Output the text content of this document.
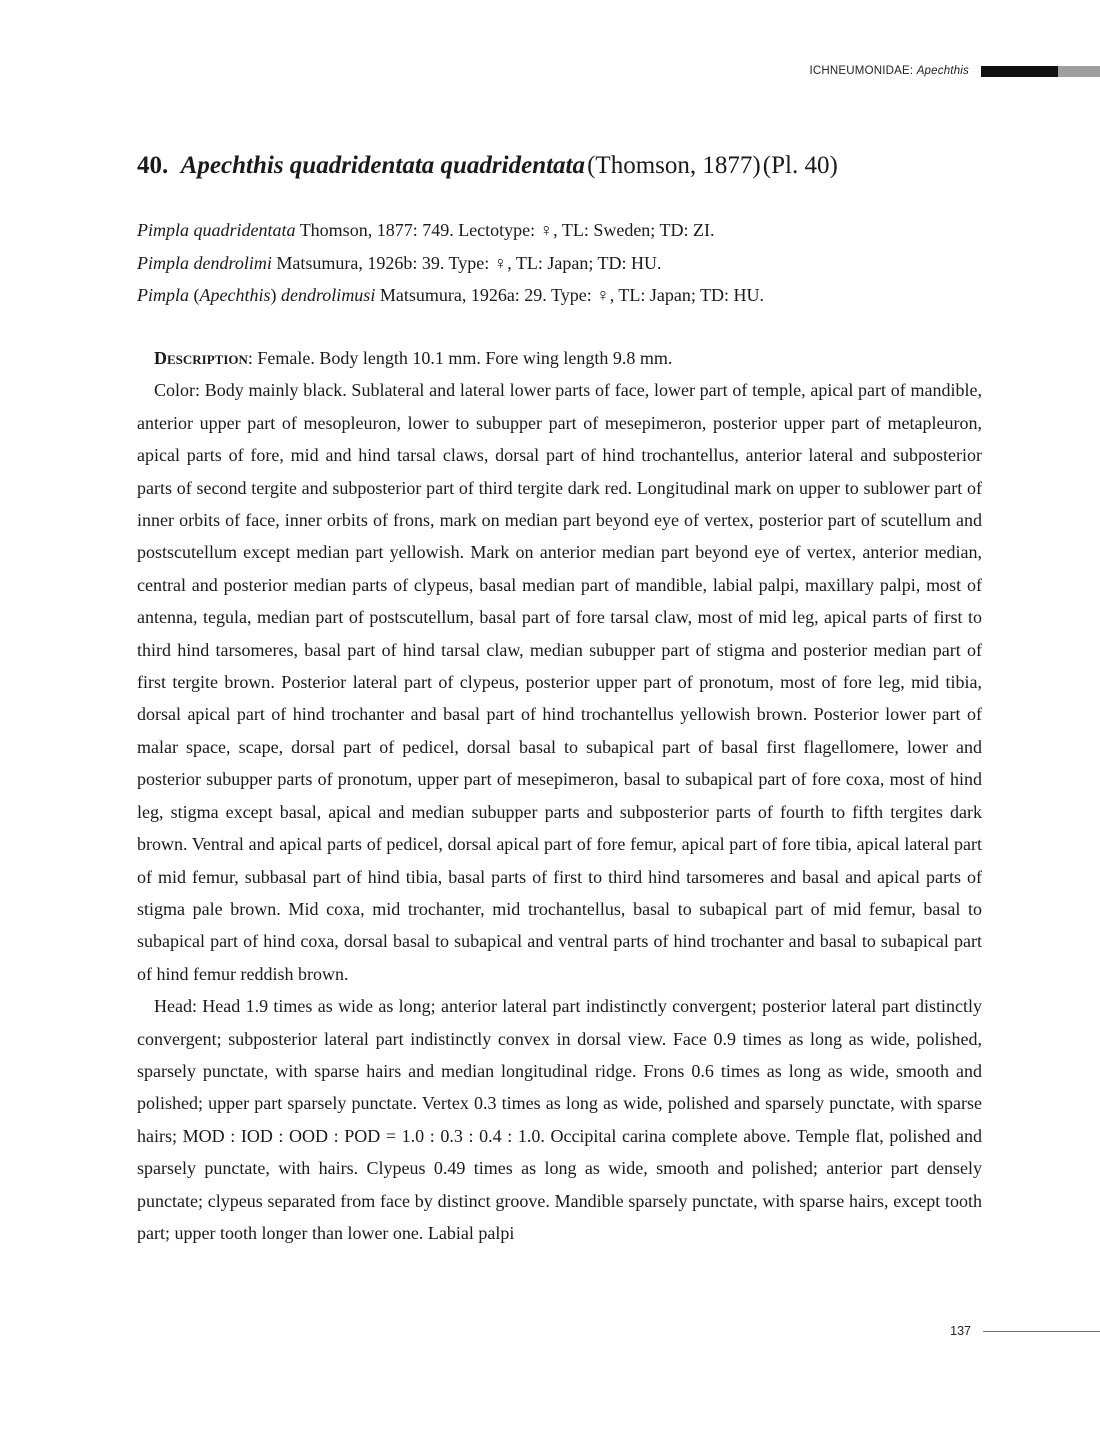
ICHNEUMONIDAE: Apechthis
40. Apechthis quadridentata quadridentata (Thomson, 1877) (Pl. 40)
Pimpla quadridentata Thomson, 1877: 749. Lectotype: ♀, TL: Sweden; TD: ZI.
Pimpla dendrolimi Matsumura, 1926b: 39. Type: ♀, TL: Japan; TD: HU.
Pimpla (Apechthis) dendrolimusi Matsumura, 1926a: 29. Type: ♀, TL: Japan; TD: HU.

Description: Female. Body length 10.1 mm. Fore wing length 9.8 mm.

Color: Body mainly black. Sublateral and lateral lower parts of face, lower part of temple, apical part of mandible, anterior upper part of mesopleuron, lower to subupper part of mesepimeron, posterior upper part of metapleuron, apical parts of fore, mid and hind tarsal claws, dorsal part of hind trochantellus, anterior lateral and subposterior parts of second tergite and subposterior part of third tergite dark red. Longitudinal mark on upper to sublower part of inner orbits of face, inner orbits of frons, mark on median part beyond eye of vertex, posterior part of scutellum and postscutellum except median part yellowish. Mark on anterior median part beyond eye of vertex, anterior median, central and posterior median parts of clypeus, basal median part of mandible, labial palpi, maxillary palpi, most of antenna, tegula, median part of postscutellum, basal part of fore tarsal claw, most of mid leg, apical parts of first to third hind tarsomeres, basal part of hind tarsal claw, median subupper part of stigma and posterior median part of first tergite brown. Posterior lateral part of clypeus, posterior upper part of pronotum, most of fore leg, mid tibia, dorsal apical part of hind trochanter and basal part of hind trochantellus yellowish brown. Posterior lower part of malar space, scape, dorsal part of pedicel, dorsal basal to subapical part of basal first flagellomere, lower and posterior subupper parts of pronotum, upper part of mesepimeron, basal to subapical part of fore coxa, most of hind leg, stigma except basal, apical and median subupper parts and subposterior parts of fourth to fifth tergites dark brown. Ventral and apical parts of pedicel, dorsal apical part of fore femur, apical part of fore tibia, apical lateral part of mid femur, subbasal part of hind tibia, basal parts of first to third hind tarsomeres and basal and apical parts of stigma pale brown. Mid coxa, mid trochanter, mid trochantellus, basal to subapical part of mid femur, basal to subapical part of hind coxa, dorsal basal to subapical and ventral parts of hind trochanter and basal to subapical part of hind femur reddish brown.

Head: Head 1.9 times as wide as long; anterior lateral part indistinctly convergent; posterior lateral part distinctly convergent; subposterior lateral part indistinctly convex in dorsal view. Face 0.9 times as long as wide, polished, sparsely punctate, with sparse hairs and median longitudinal ridge. Frons 0.6 times as long as wide, smooth and polished; upper part sparsely punctate. Vertex 0.3 times as long as wide, polished and sparsely punctate, with sparse hairs; MOD : IOD : OOD : POD = 1.0 : 0.3 : 0.4 : 1.0. Occipital carina complete above. Temple flat, polished and sparsely punctate, with hairs. Clypeus 0.49 times as long as wide, smooth and polished; anterior part densely punctate; clypeus separated from face by distinct groove. Mandible sparsely punctate, with sparse hairs, except tooth part; upper tooth longer than lower one. Labial palpi

137
